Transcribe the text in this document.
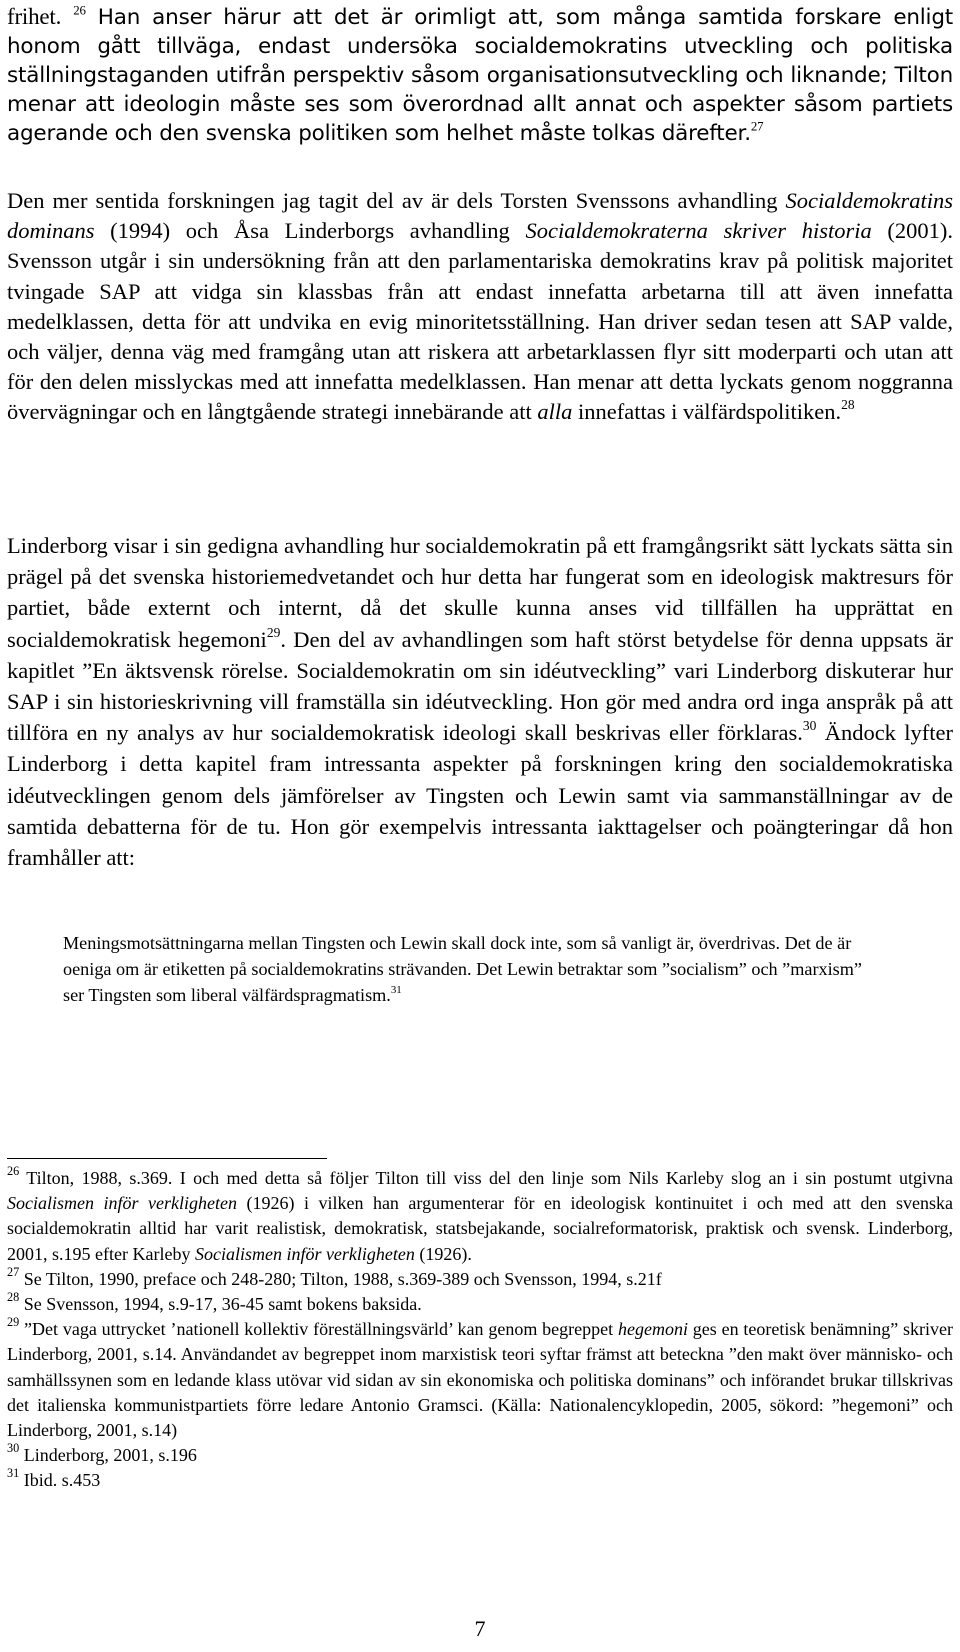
frihet. $^{26}$ Han anser härur att det är orimligt att, som många samtida forskare enligt honom gått tillväga, endast undersöka socialdemokratins utveckling och politiska ställningstaganden utifrån perspektiv såsom organisationsutveckling och liknande; Tilton menar att ideologin måste ses som överordnad allt annat och aspekter såsom partiets agerande och den svenska politiken som helhet måste tolkas därefter.$^{27}$

Den mer sentida forskningen jag tagit del av är dels Torsten Svenssons avhandling Socialdemokratins dominans (1994) och Åsa Linderborgs avhandling Socialdemokraterna skriver historia (2001). Svensson utgår i sin undersökning från att den parlamentariska demokratins krav på politisk majoritet tvingade SAP att vidga sin klassbas från att endast innefatta arbetarna till att även innefatta medelklassen, detta för att undvika en evig minoritetsställning. Han driver sedan tesen att SAP valde, och väljer, denna väg med framgång utan att riskera att arbetarklassen flyr sitt moderparti och utan att för den delen misslyckas med att innefatta medelklassen. Han menar att detta lyckats genom noggranna övervägningar och en långtgående strategi innebärande att alla innefattas i välfärdspolitiken.$^{28}$

Linderborg visar i sin gedigna avhandling hur socialdemokratin på ett framgångsrikt sätt lyckats sätta sin prägel på det svenska historiemedvetandet och hur detta har fungerat som en ideologisk maktresurs för partiet, både externt och internt, då det skulle kunna anses vid tillfällen ha upprättat en socialdemokratisk hegemoni$^{29}$. Den del av avhandlingen som haft störst betydelse för denna uppsats är kapitlet ”En äktsvensk rörelse. Socialdemokratin om sin idéutveckling” vari Linderborg diskuterar hur SAP i sin historieskrivning vill framställa sin idéutveckling. Hon gör med andra ord inga anspråk på att tillföra en ny analys av hur socialdemokratisk ideologi skall beskrivas eller förklaras.$^{30}$ Ändock lyfter Linderborg i detta kapitel fram intressanta aspekter på forskningen kring den socialdemokratiska idéutvecklingen genom dels jämförelser av Tingsten och Lewin samt via sammanställningar av de samtida debatterna för de tu. Hon gör exempelvis intressanta iakttagelser och poängteringar då hon framhåller att:

Meningsmotsättningarna mellan Tingsten och Lewin skall dock inte, som så vanligt är, överdrivas. Det de är oeniga om är etiketten på socialdemokratins strävanden. Det Lewin betraktar som ”socialism” och ”marxism” ser Tingsten som liberal välfärdspragmatism.$^{31}$

$^{26}$ Tilton, 1988, s.369. I och med detta så följer Tilton till viss del den linje som Nils Karleby slog an i sin postumt utgivna Socialismen inför verkligheten (1926) i vilken han argumenterar för en ideologisk kontinuitet i och med att den svenska socialdemokratin alltid har varit realistisk, demokratisk, statsbejakande, socialreformatorisk, praktisk och svensk. Linderborg, 2001, s.195 efter Karleby Socialismen inför verkligheten (1926).

$^{27}$ Se Tilton, 1990, preface och 248-280; Tilton, 1988, s.369-389 och Svensson, 1994, s.21f

$^{28}$ Se Svensson, 1994, s.9-17, 36-45 samt bokens baksida.

$^{29}$ ”Det vaga uttrycket ’nationell kollektiv föreställningsvärld’ kan genom begreppet hegemoni ges en teoretisk benämning” skriver Linderborg, 2001, s.14. Användandet av begreppet inom marxistisk teori syftar främst att beteckna ”den makt över människo- och samhällssynen som en ledande klass utövar vid sidan av sin ekonomiska och politiska dominans” och införandet brukar tillskrivas det italienska kommunistpartiets förre ledare Antonio Gramsci. (Källa: Nationalencyklopedin, 2005, sökord: ”hegemoni” och Linderborg, 2001, s.14)

$^{30}$ Linderborg, 2001, s.196

$^{31}$ Ibid. s.453

7
